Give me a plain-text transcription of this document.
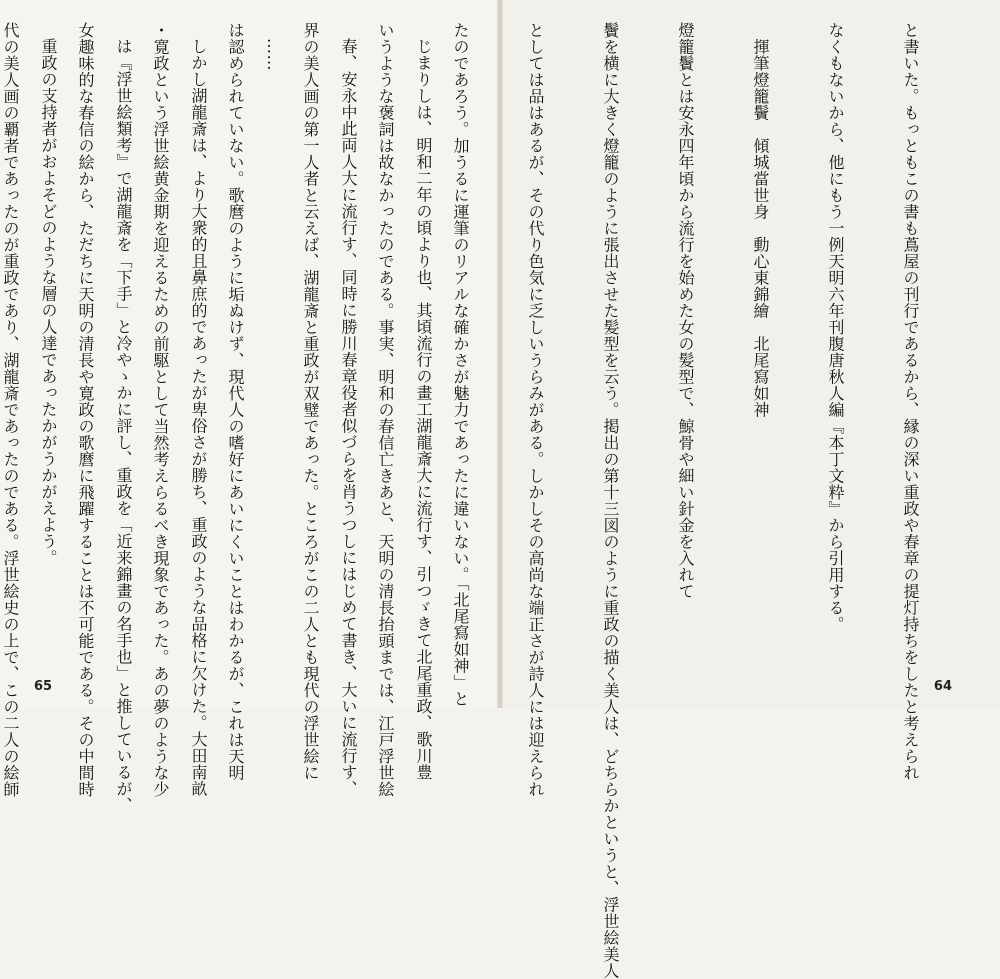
じまりしは、明和二年の頃より也、其頃流行の畫工湖龍斎大に流行す、引つゞきて北尾重政、歌川豊

春、安永中此両人大に流行す、同時に勝川春章役者似づらを肖うつしにはじめて書き、大いに流行す、

……

しかし湖龍斎は、より大衆的且鼻庶的であったが卑俗さが勝ち、重政のような品格に欠けた。大田南畝

は『浮世絵類考』で湖龍斎を「下手」と冷やゝかに評し、重政を「近来錦畫の名手也」と推しているが、

重政の支持者がおよそどのような層の人達であったかがうかがえよう。

65

	と書いた。もっともこの書も蔦屋の刊行であるから、縁の深い重政や春章の提灯持ちをしたと考えられ

なくもないから、他にもう一例天明六年刊腹唐秋人編『本丁文粋』から引用する。

　揮筆燈籠鬢　傾城當世身　動心東錦繪　北尾寫如神

燈籠鬢とは安永四年頃から流行を始めた女の髪型で、鯨骨や細い針金を入れて

鬢を横に大きく燈籠のように張出させた髪型を云う。掲出の第十三図のように重政の描く美人は、どちらかというと、浮世絵美人

としては品はあるが、その代り色気に乏しいうらみがある。しかしその高尚な端正さが詩人には迎えられ

たのであろう。加うるに運筆のリアルな確かさが魅力であったに違いない。「北尾寫如神」と

いうような褒詞は故なかったのである。事実、明和の春信亡きあと、天明の清長抬頭までは、江戸浮世絵

界の美人画の第一人者と云えば、湖龍斎と重政が双璧であった。ところがこの二人とも現代の浮世絵に

は認められていない。歌麿のように垢ぬけず、現代人の嗜好にあいにくいことはわかるが、これは天明

・寛政という浮世絵黄金期を迎えるための前駆として当然考えらるべき現象であった。あの夢のような少

女趣味的な春信の絵から、ただちに天明の清長や寛政の歌麿に飛躍することは不可能である。その中間時

代の美人画の覇者であったのが重政であり、湖龍斎であったのである。浮世絵史の上で、この二人の絵師

	64
